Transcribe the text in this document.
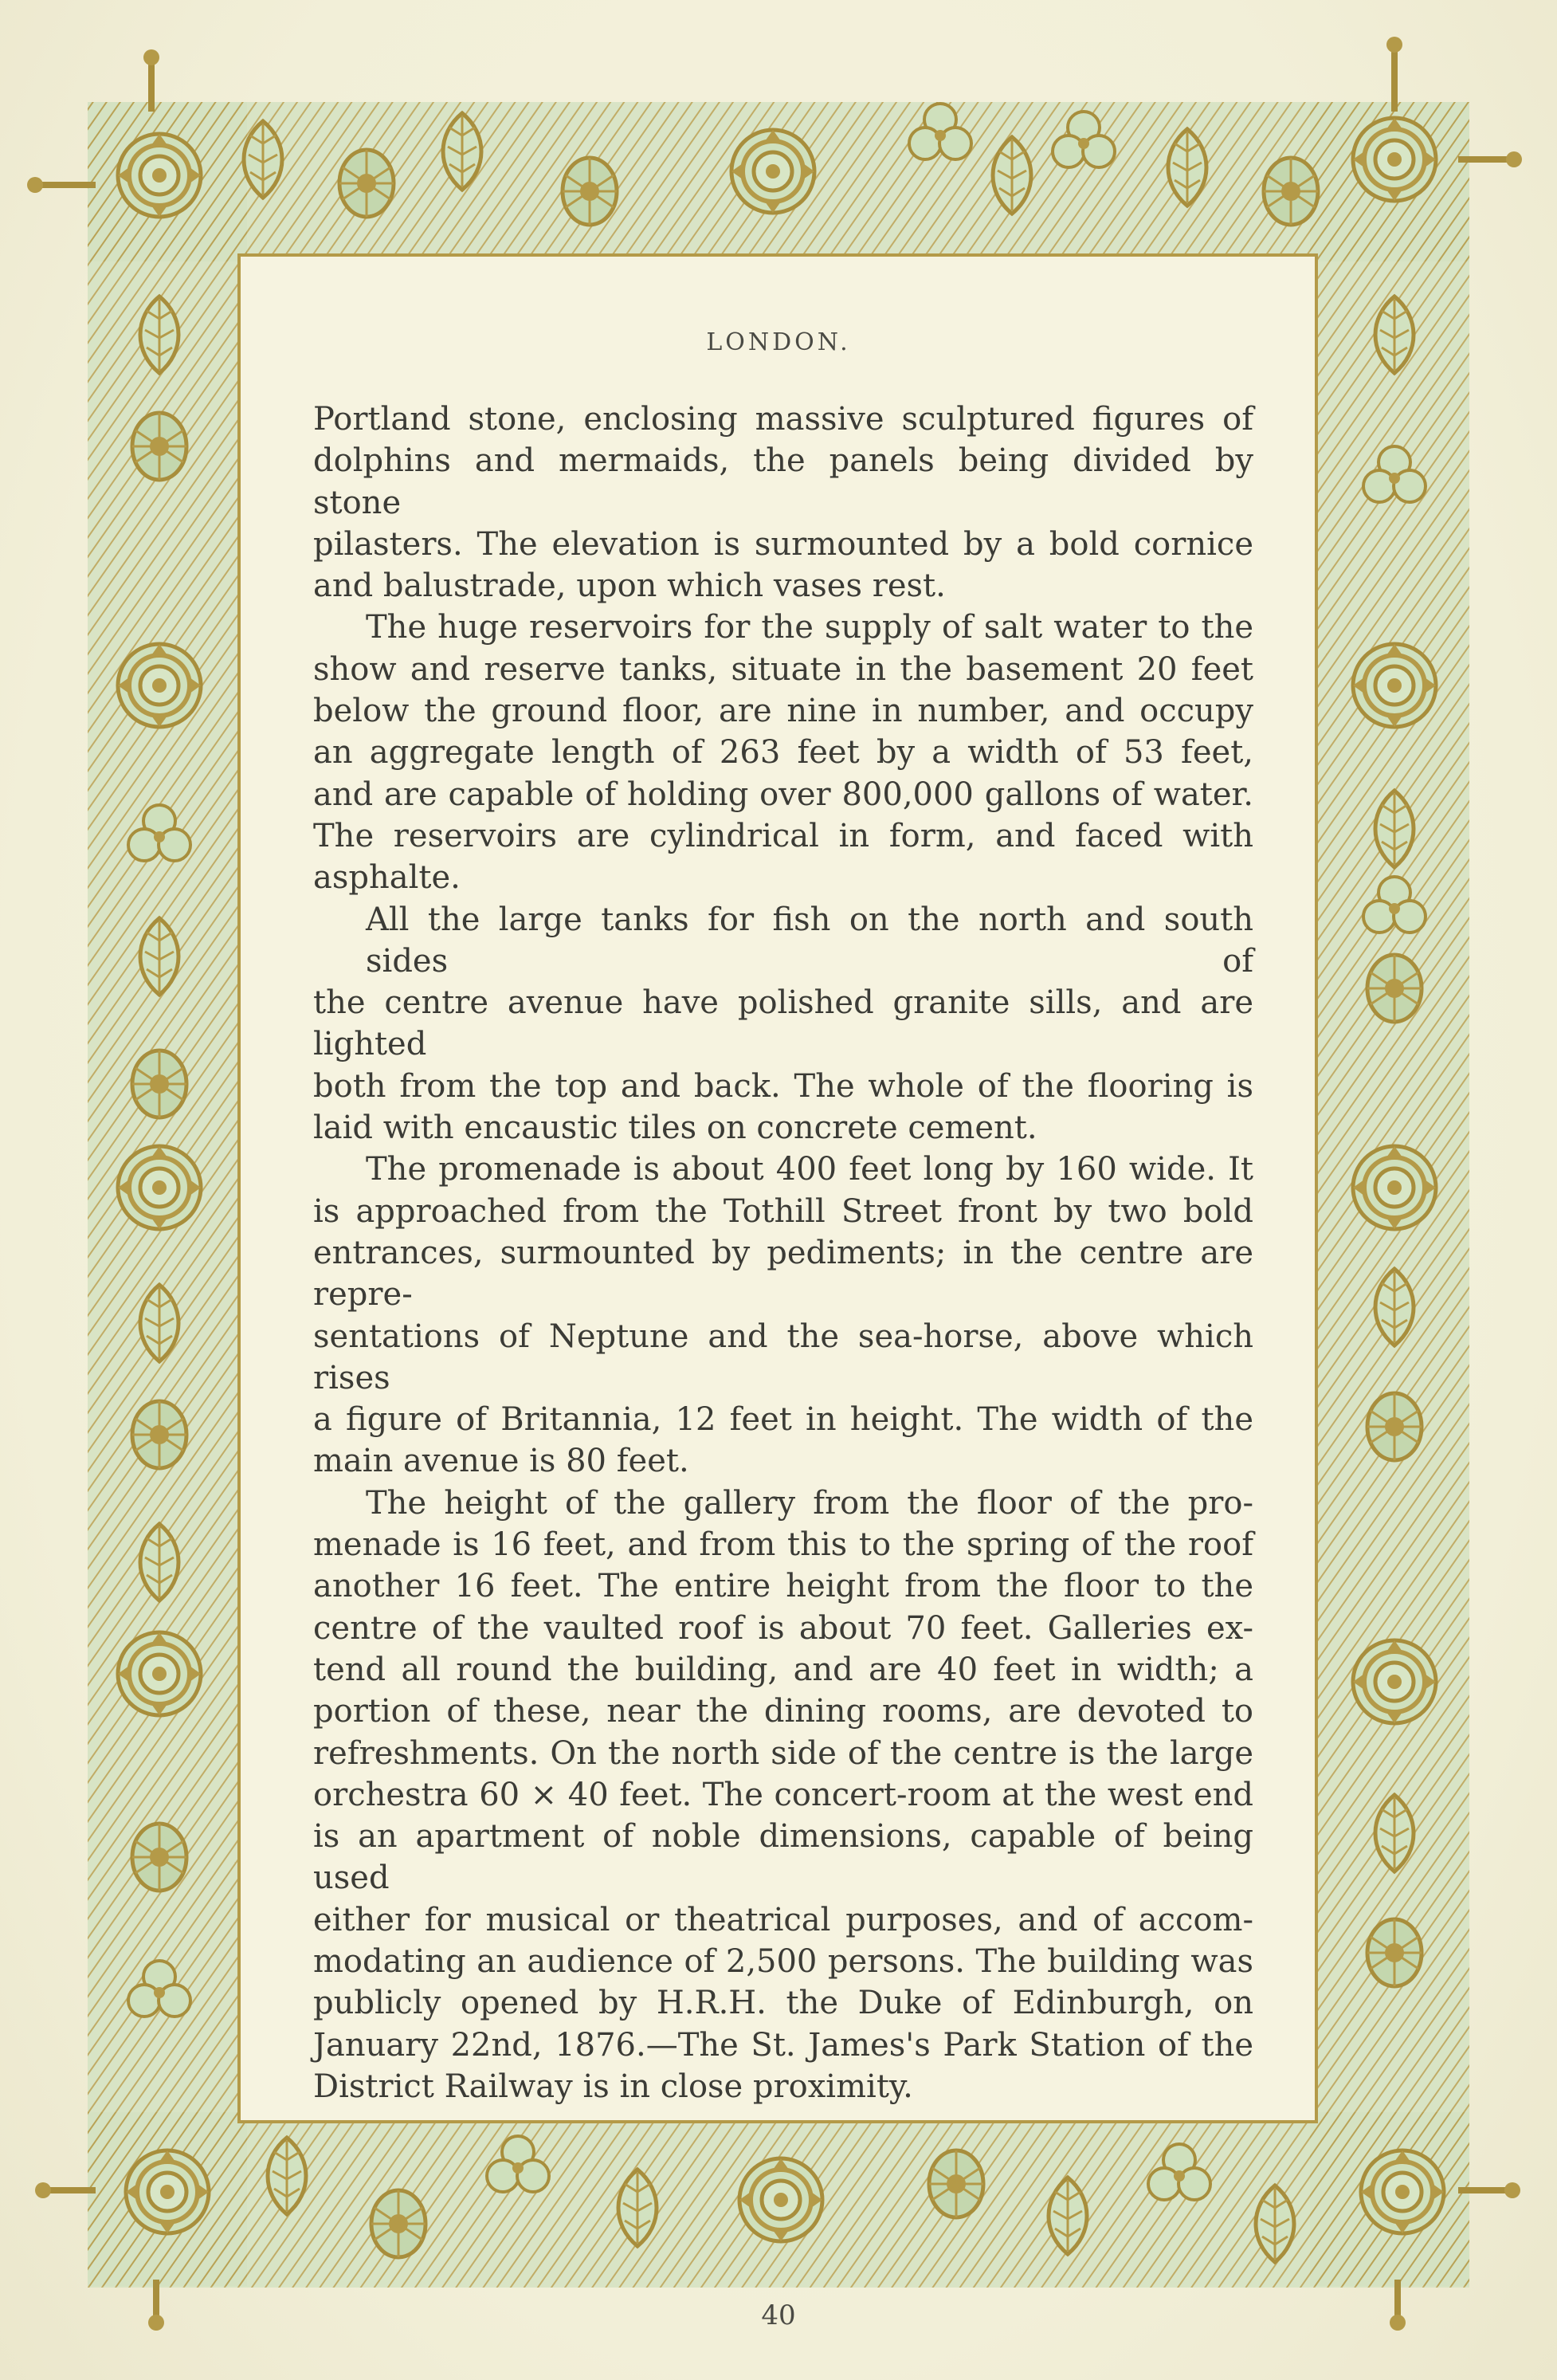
LONDON.

Portland stone, enclosing massive sculptured figures of
dolphins and mermaids, the panels being divided by stone
pilasters. The elevation is surmounted by a bold cornice

and balustrade, upon which vases rest.

The huge reservoirs for the supply of salt water to the
show and reserve tanks, situate in the basement 20 feet
below the ground floor, are nine in number, and occupy
an aggregate length of 263 feet by a width of 53 feet,
and are capable of holding over 800,000 gallons of water.
The reservoirs are cylindrical in form, and faced with

asphalte.

All the large tanks for fish on the north and south sides of
the centre avenue have polished granite sills, and are lighted
both from the top and back. The whole of the flooring is

laid with encaustic tiles on concrete cement.

The promenade is about 400 feet long by 160 wide. It
is approached from the Tothill Street front by two bold
entrances, surmounted by pediments; in the centre are repre-
sentations of Neptune and the sea-horse, above which rises
a figure of Britannia, 12 feet in height. The width of the

main avenue is 80 feet.

The height of the gallery from the floor of the pro-
menade is 16 feet, and from this to the spring of the roof
another 16 feet. The entire height from the floor to the
centre of the vaulted roof is about 70 feet. Galleries ex-
tend all round the building, and are 40 feet in width; a
portion of these, near the dining rooms, are devoted to
refreshments. On the north side of the centre is the large
orchestra 60 × 40 feet. The concert-room at the west end
is an apartment of noble dimensions, capable of being used
either for musical or theatrical purposes, and of accom-
modating an audience of 2,500 persons. The building was
publicly opened by H.R.H. the Duke of Edinburgh, on
January 22nd, 1876.—The St. James's Park Station of the

District Railway is in close proximity.

40
